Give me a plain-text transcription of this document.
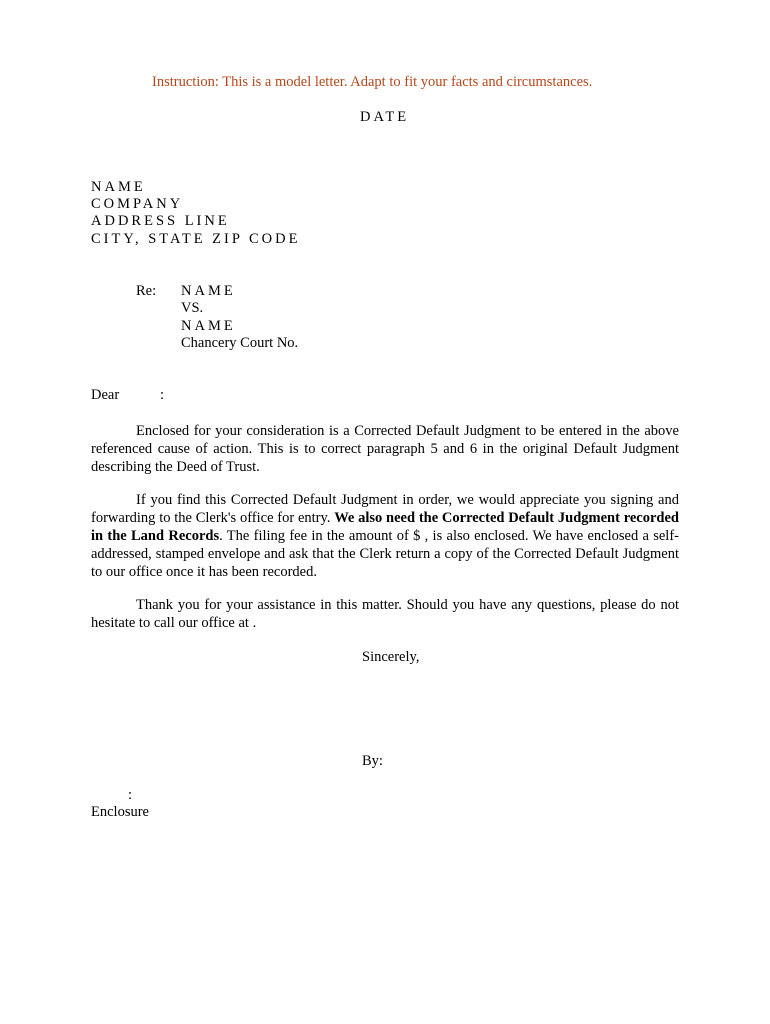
Instruction: This is a model letter. Adapt to fit your facts and circumstances.
DATE
NAME
COMPANY
ADDRESS LINE
CITY, STATE ZIP CODE
Re: NAME
VS.
NAME
Chancery Court No.
Dear	:
Enclosed for your consideration is a Corrected Default Judgment to be entered in the above referenced cause of action. This is to correct paragraph 5 and 6 in the original Default Judgment describing the Deed of Trust.
If you find this Corrected Default Judgment in order, we would appreciate you signing and forwarding to the Clerk's office for entry. We also need the Corrected Default Judgment recorded in the Land Records. The filing fee in the amount of $ , is also enclosed. We have enclosed a self-addressed, stamped envelope and ask that the Clerk return a copy of the Corrected Default Judgment to our office once it has been recorded.
Thank you for your assistance in this matter. Should you have any questions, please do not hesitate to call our office at .
Sincerely,
By:
:
Enclosure
